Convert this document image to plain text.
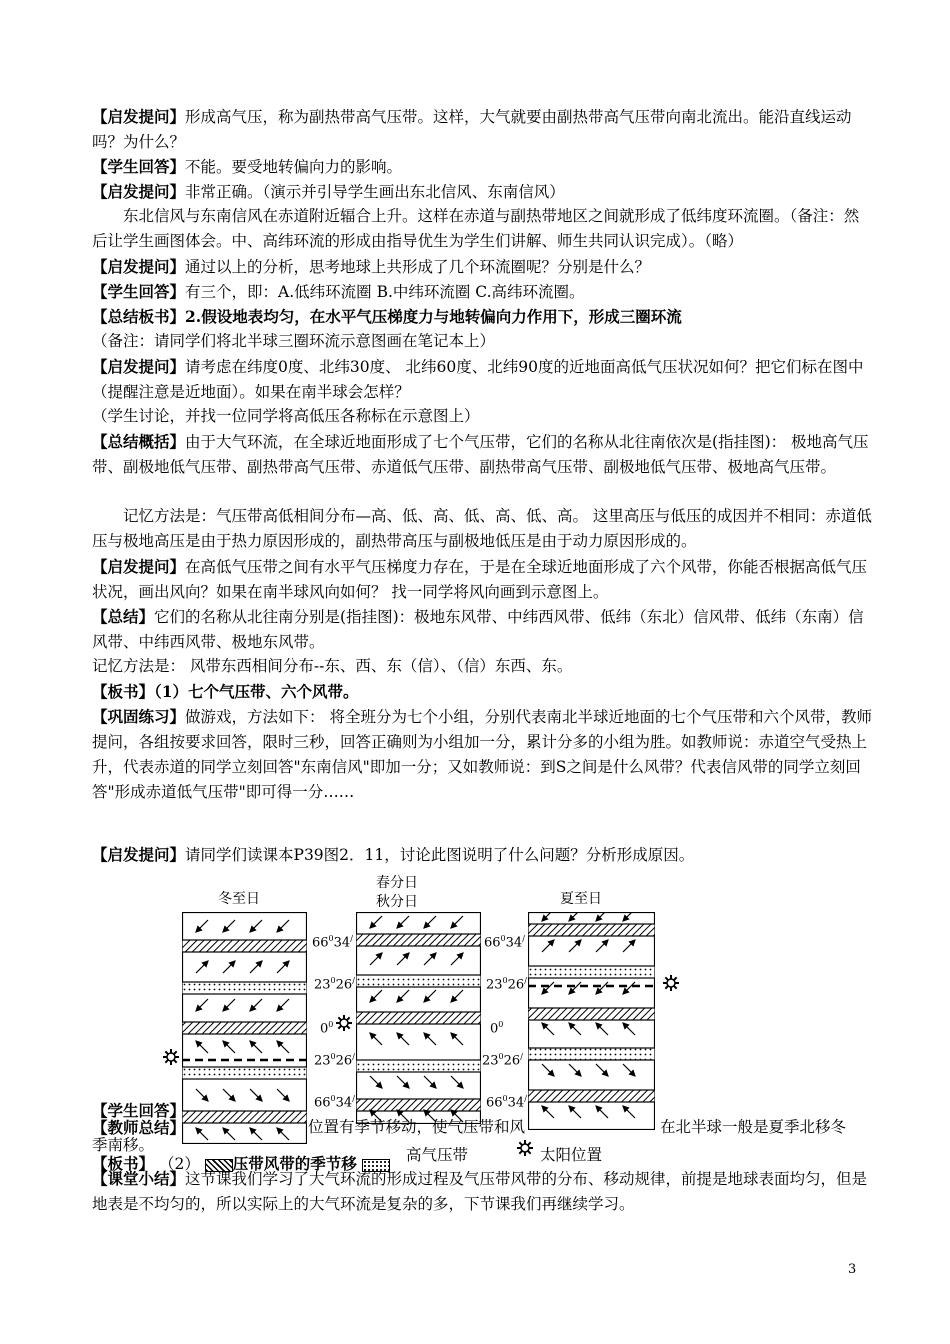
【启发提问】形成高气压，称为副热带高气压带。这样，大气就要由副热带高气压带向南北流出。能沿直线运动吗？为什么？

【学生回答】不能。要受地转偏向力的影响。

【启发提问】非常正确。（演示并引导学生画出东北信风、东南信风）

东北信风与东南信风在赤道附近辐合上升。这样在赤道与副热带地区之间就形成了低纬度环流圈。（备注：然后让学生画图体会。中、高纬环流的形成由指导优生为学生们讲解、师生共同认识完成）。（略）

【启发提问】通过以上的分析，思考地球上共形成了几个环流圈呢？分别是什么？

【学生回答】有三个，即：A.低纬环流圈 B.中纬环流圈 C.高纬环流圈。

【总结板书】2.假设地表均匀，在水平气压梯度力与地转偏向力作用下，形成三圈环流

（备注：请同学们将北半球三圈环流示意图画在笔记本上）

【启发提问】请考虑在纬度0度、北纬30度、 北纬60度、北纬90度的近地面高低气压状况如何？把它们标在图中（提醒注意是近地面）。如果在南半球会怎样？

（学生讨论，并找一位同学将高低压各称标在示意图上）

【总结概括】由于大气环流，在全球近地面形成了七个气压带，它们的名称从北往南依次是(指挂图)： 极地高气压带、副极地低气压带、副热带高气压带、赤道低气压带、副热带高气压带、副极地低气压带、极地高气压带。

记忆方法是：气压带高低相间分布—高、低、高、低、高、低、高。 这里高压与低压的成因并不相同：赤道低压与极地高压是由于热力原因形成的，副热带高压与副极地低压是由于动力原因形成的。

【启发提问】在高低气压带之间有水平气压梯度力存在，于是在全球近地面形成了六个风带，你能否根据高低气压状况，画出风向？如果在南半球风向如何？ 找一同学将风向画到示意图上。

【总结】它们的名称从北往南分别是(指挂图)：极地东风带、中纬西风带、低纬（东北）信风带、低纬（东南）信风带、中纬西风带、极地东风带。

记忆方法是： 风带东西相间分布--东、西、东（信）、（信）东西、东。

【板书】（1）七个气压带、六个风带。

【巩固练习】做游戏，方法如下： 将全班分为七个小组，分别代表南北半球近地面的七个气压带和六个风带，教师提问，各组按要求回答，限时三秒，回答正确则为小组加一分，累计分多的小组为胜。如教师说：赤道空气受热上升，代表赤道的同学立刻回答"东南信风"即加一分；又如教师说：到S之间是什么风带？代表信风带的同学立刻回答"形成赤道低气压带"即可得一分……

【启发提问】请同学们读课本P39图2．11，讨论此图说明了什么问题？分析形成原因。

冬至日
春分日
秋分日	夏至日
$66^034^/$	$66^034^/$
$23^026^/$	$23^026^/$
$0^0$	$0^0$
$23^026^/$	$23^026^/$
$66^034^/$	$66^034^/$
【学生回答】
【教师总结】	位置有季节移动，使气压带和风	在北半球一般是夏季北移冬
季南移。
【板书】 （2） 压带风带的季节移	高气压带	太阳位置

【课堂小结】这节课我们学习了大气环流的形成过程及气压带风带的分布、移动规律，前提是地球表面均匀，但是地表是不均匀的，所以实际上的大气环流是复杂的多，下节课我们再继续学习。

3
